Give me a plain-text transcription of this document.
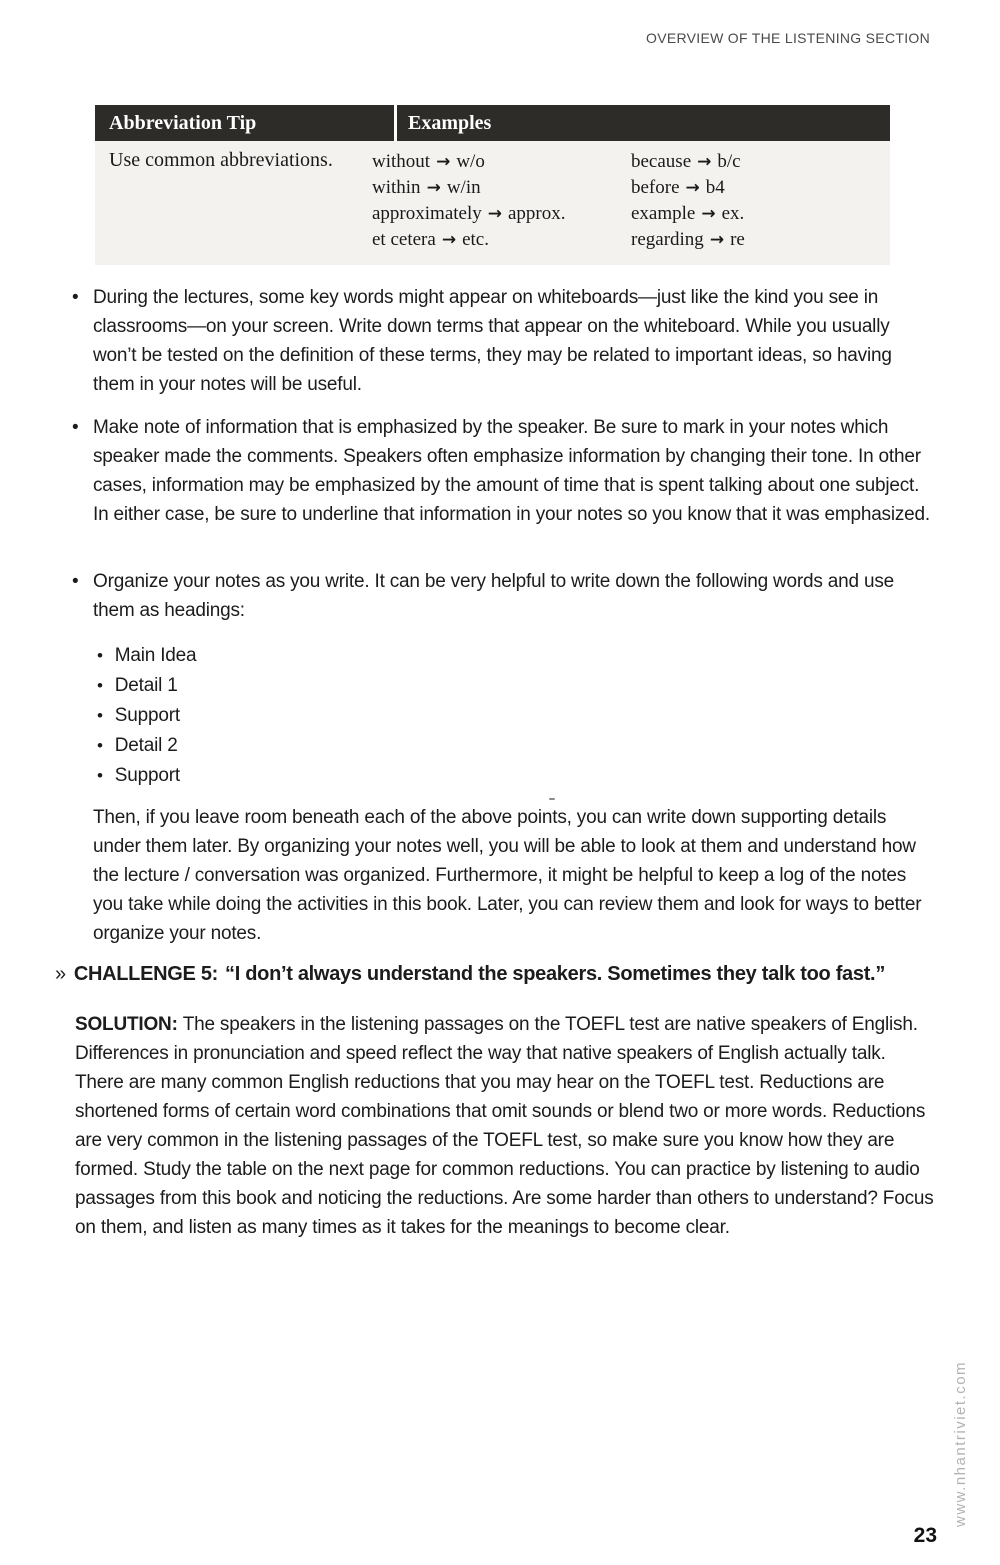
OVERVIEW OF THE LISTENING SECTION
Abbreviation Tip	Examples
Use common abbreviations.	without → w/o
within → w/in
approximately → approx.
et cetera → etc.
because → b/c
before → b4
example → ex.
regarding → re
• During the lectures, some key words might appear on whiteboards—just like the kind you see in classrooms—on your screen. Write down terms that appear on the whiteboard. While you usually won’t be tested on the definition of these terms, they may be related to important ideas, so having them in your notes will be useful.

• Make note of information that is emphasized by the speaker. Be sure to mark in your notes which speaker made the comments. Speakers often emphasize information by changing their tone. In other cases, information may be emphasized by the amount of time that is spent talking about one subject. In either case, be sure to underline that information in your notes so you know that it was emphasized.

• Organize your notes as you write. It can be very helpful to write down the following words and use them as headings:

• Main Idea
• Detail 1
• Support
• Detail 2
• Support

Then, if you leave room beneath each of the above points, you can write down supporting details under them later. By organizing your notes well, you will be able to look at them and understand how the lecture / conversation was organized. Furthermore, it might be helpful to keep a log of the notes you take while doing the activities in this book. Later, you can review them and look for ways to better organize your notes.

» CHALLENGE 5: “I don’t always understand the speakers. Sometimes they talk too fast.”

SOLUTION: The speakers in the listening passages on the TOEFL test are native speakers of English. Differences in pronunciation and speed reflect the way that native speakers of English actually talk. There are many common English reductions that you may hear on the TOEFL test. Reductions are shortened forms of certain word combinations that omit sounds or blend two or more words. Reductions are very common in the listening passages of the TOEFL test, so make sure you know how they are formed. Study the table on the next page for common reductions. You can practice by listening to audio passages from this book and noticing the reductions. Are some harder than others to understand? Focus on them, and listen as many times as it takes for the meanings to become clear.

www.nhantriviet.com
23
